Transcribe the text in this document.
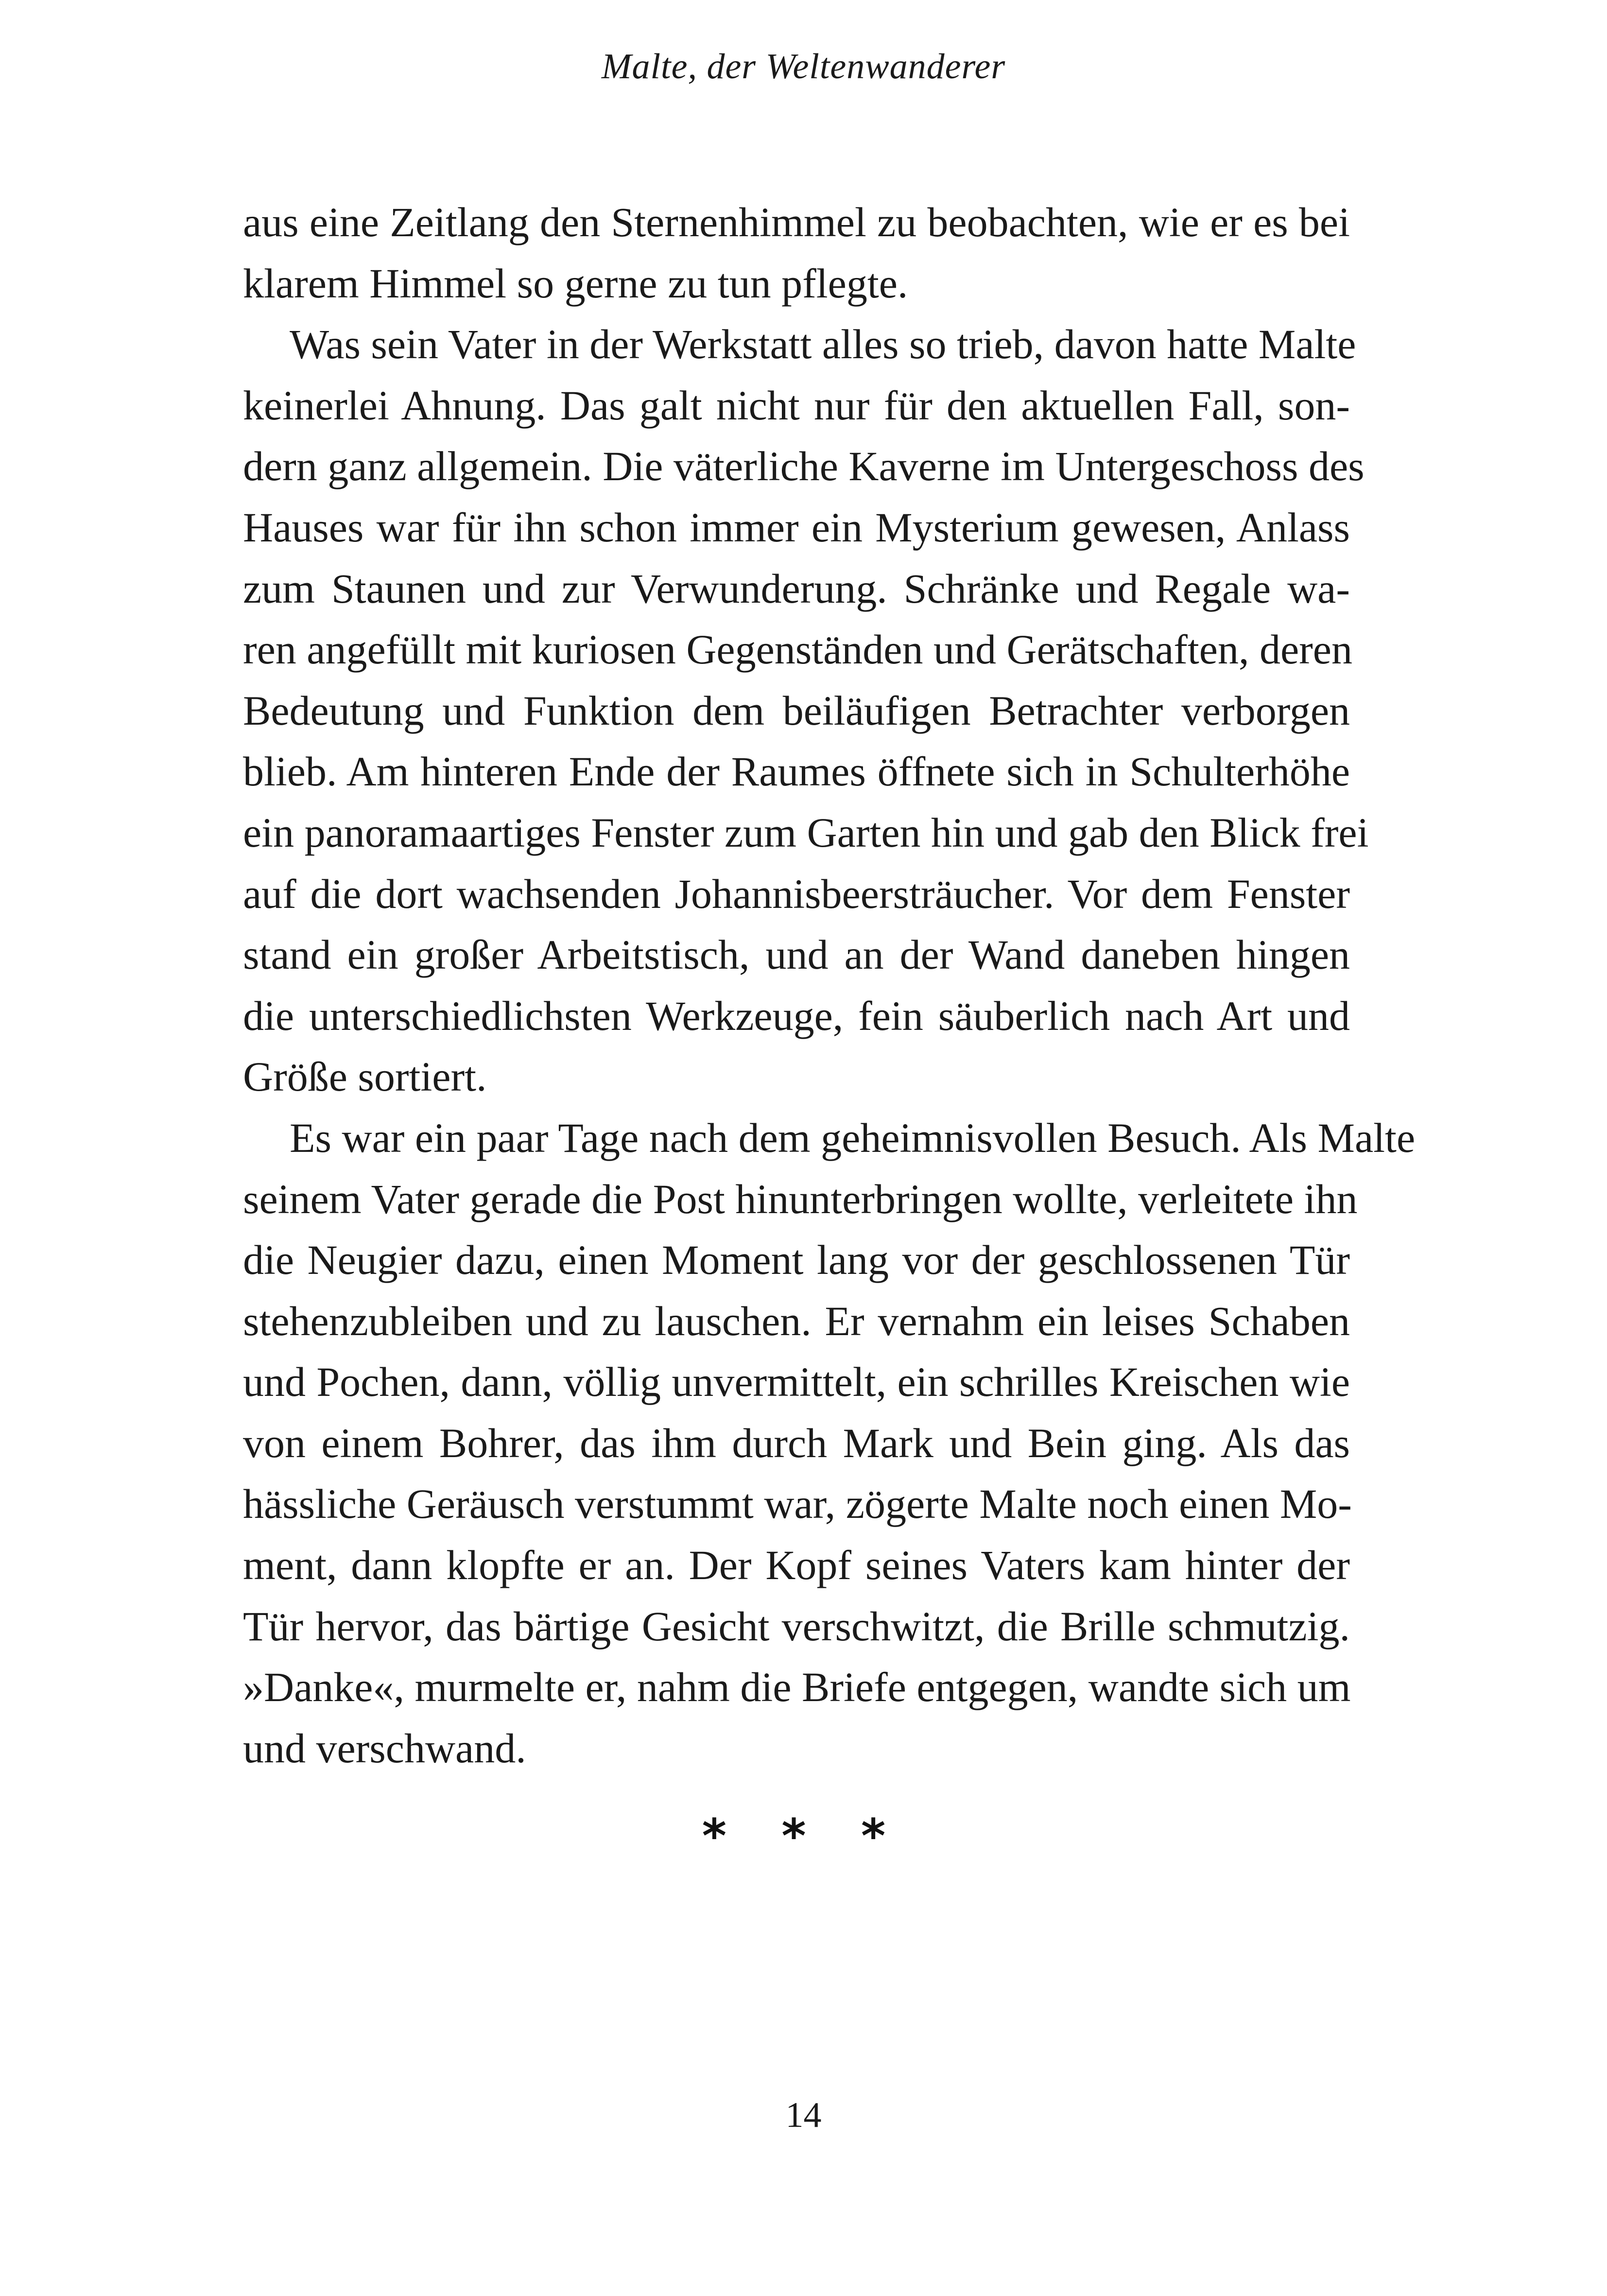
Malte, der Weltenwanderer
aus eine Zeitlang den Sternenhimmel zu beobachten, wie er es bei
klarem Himmel so gerne zu tun pflegte.
Was sein Vater in der Werkstatt alles so trieb, davon hatte Malte
keinerlei Ahnung. Das galt nicht nur für den aktuellen Fall, son-
dern ganz allgemein. Die väterliche Kaverne im Untergeschoss des
Hauses war für ihn schon immer ein Mysterium gewesen, Anlass
zum Staunen und zur Verwunderung. Schränke und Regale wa-
ren angefüllt mit kuriosen Gegenständen und Gerätschaften, deren
Bedeutung und Funktion dem beiläufigen Betrachter verborgen
blieb. Am hinteren Ende der Raumes öffnete sich in Schulterhöhe
ein panoramaartiges Fenster zum Garten hin und gab den Blick frei
auf die dort wachsenden Johannisbeersträucher. Vor dem Fenster
stand ein großer Arbeitstisch, und an der Wand daneben hingen
die unterschiedlichsten Werkzeuge, fein säuberlich nach Art und
Größe sortiert.
Es war ein paar Tage nach dem geheimnisvollen Besuch. Als Malte
seinem Vater gerade die Post hinunterbringen wollte, verleitete ihn
die Neugier dazu, einen Moment lang vor der geschlossenen Tür
stehenzubleiben und zu lauschen. Er vernahm ein leises Schaben
und Pochen, dann, völlig unvermittelt, ein schrilles Kreischen wie
von einem Bohrer, das ihm durch Mark und Bein ging. Als das
hässliche Geräusch verstummt war, zögerte Malte noch einen Mo-
ment, dann klopfte er an. Der Kopf seines Vaters kam hinter der
Tür hervor, das bärtige Gesicht verschwitzt, die Brille schmutzig.
»Danke«, murmelte er, nahm die Briefe entgegen, wandte sich um
und verschwand.
* * *
14
